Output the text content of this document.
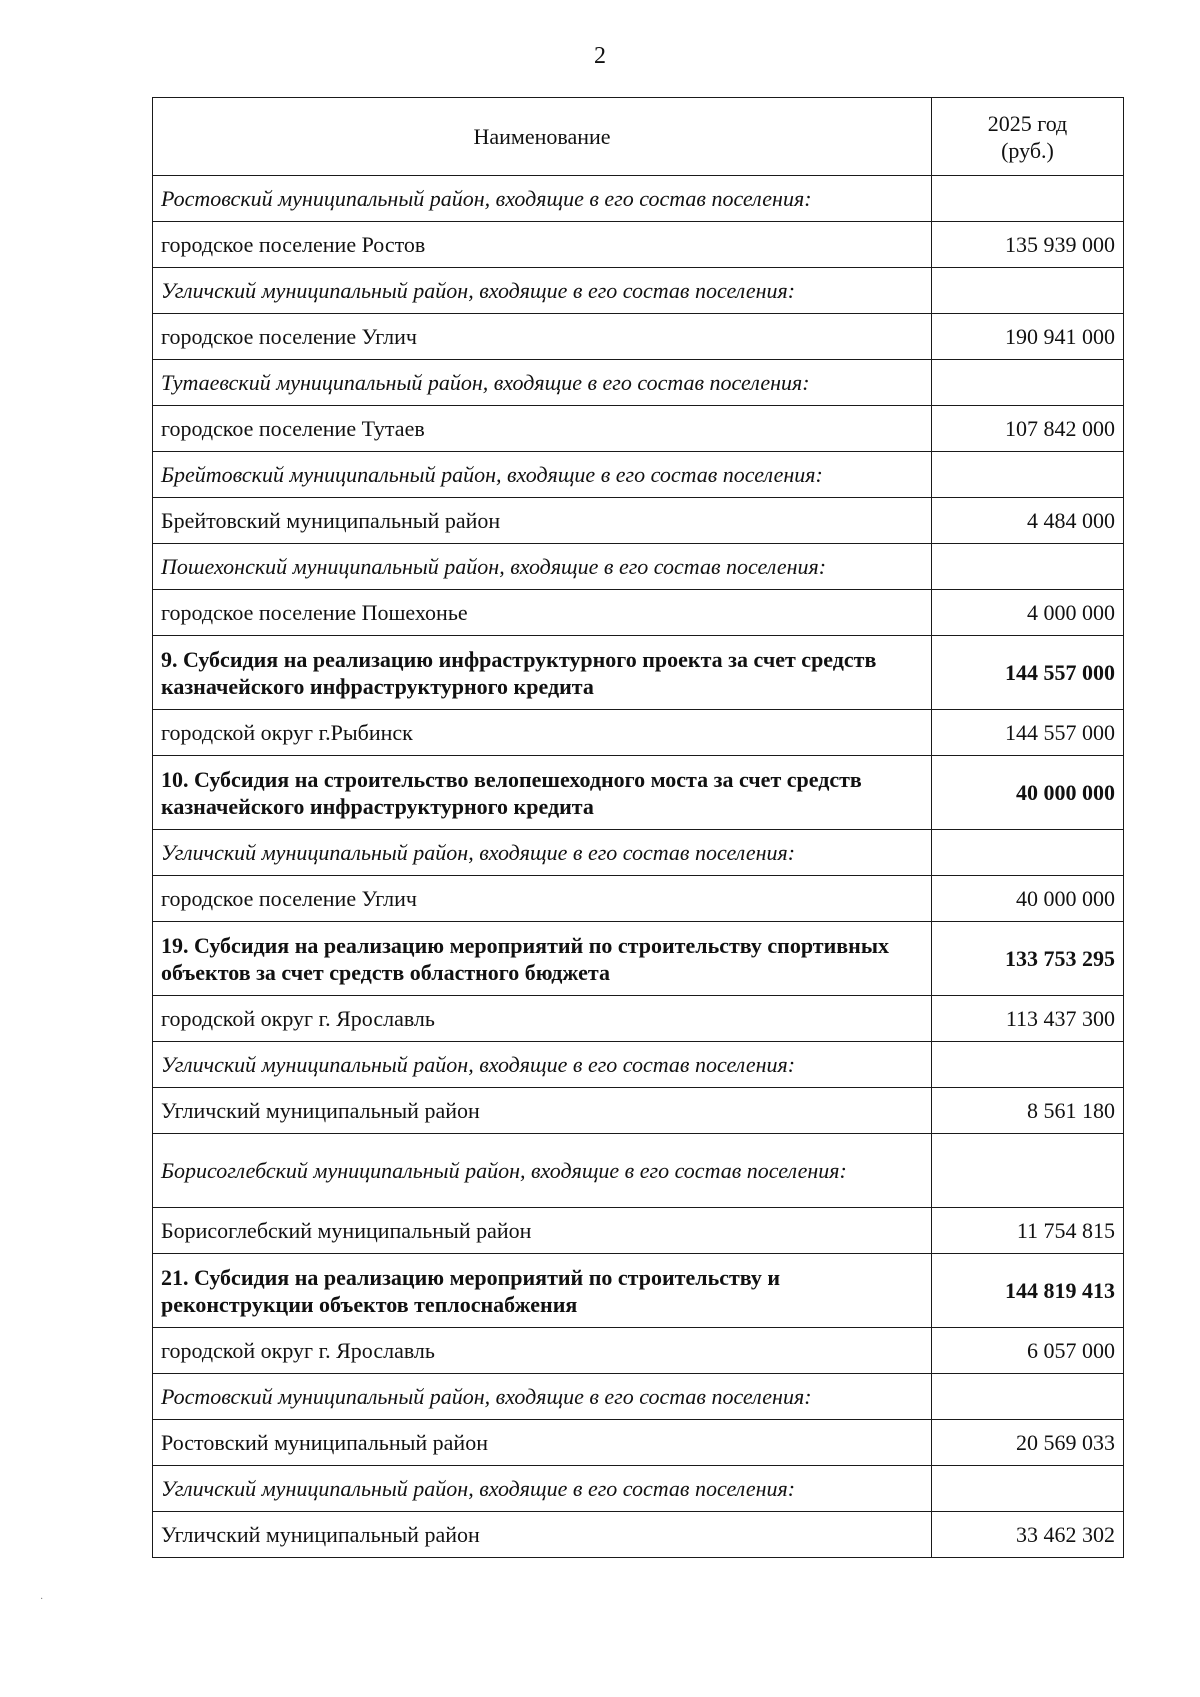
2
Наименование	2025 год
(руб.)
Ростовский муниципальный район, входящие в его состав поселения:	
городское поселение Ростов	135 939 000
Угличский муниципальный район, входящие в его состав поселения:	
городское поселение Углич	190 941 000
Тутаевский муниципальный район, входящие в его состав поселения:	
городское поселение Тутаев	107 842 000
Брейтовский муниципальный район, входящие в его состав поселения:	
Брейтовский муниципальный район	4 484 000
Пошехонский муниципальный район, входящие в его состав поселения:	
городское поселение Пошехонье	4 000 000
9. Субсидия на реализацию инфраструктурного проекта за счет средств казначейского инфраструктурного кредита	144 557 000
городской округ г.Рыбинск	144 557 000
10. Субсидия на строительство велопешеходного моста за счет средств казначейского инфраструктурного кредита	40 000 000
Угличский муниципальный район, входящие в его состав поселения:	
городское поселение Углич	40 000 000
19. Субсидия на реализацию мероприятий по строительству спортивных объектов за счет средств областного бюджета	133 753 295
городской округ г. Ярославль	113 437 300
Угличский муниципальный район, входящие в его состав поселения:	
Угличский муниципальный район	8 561 180
Борисоглебский муниципальный район, входящие в его состав поселения:	
Борисоглебский муниципальный район	11 754 815
21. Субсидия на реализацию мероприятий по строительству и реконструкции объектов теплоснабжения	144 819 413
городской округ г. Ярославль	6 057 000
Ростовский муниципальный район, входящие в его состав поселения:	
Ростовский муниципальный район	20 569 033
Угличский муниципальный район, входящие в его состав поселения:	
Угличский муниципальный район	33 462 302
·
